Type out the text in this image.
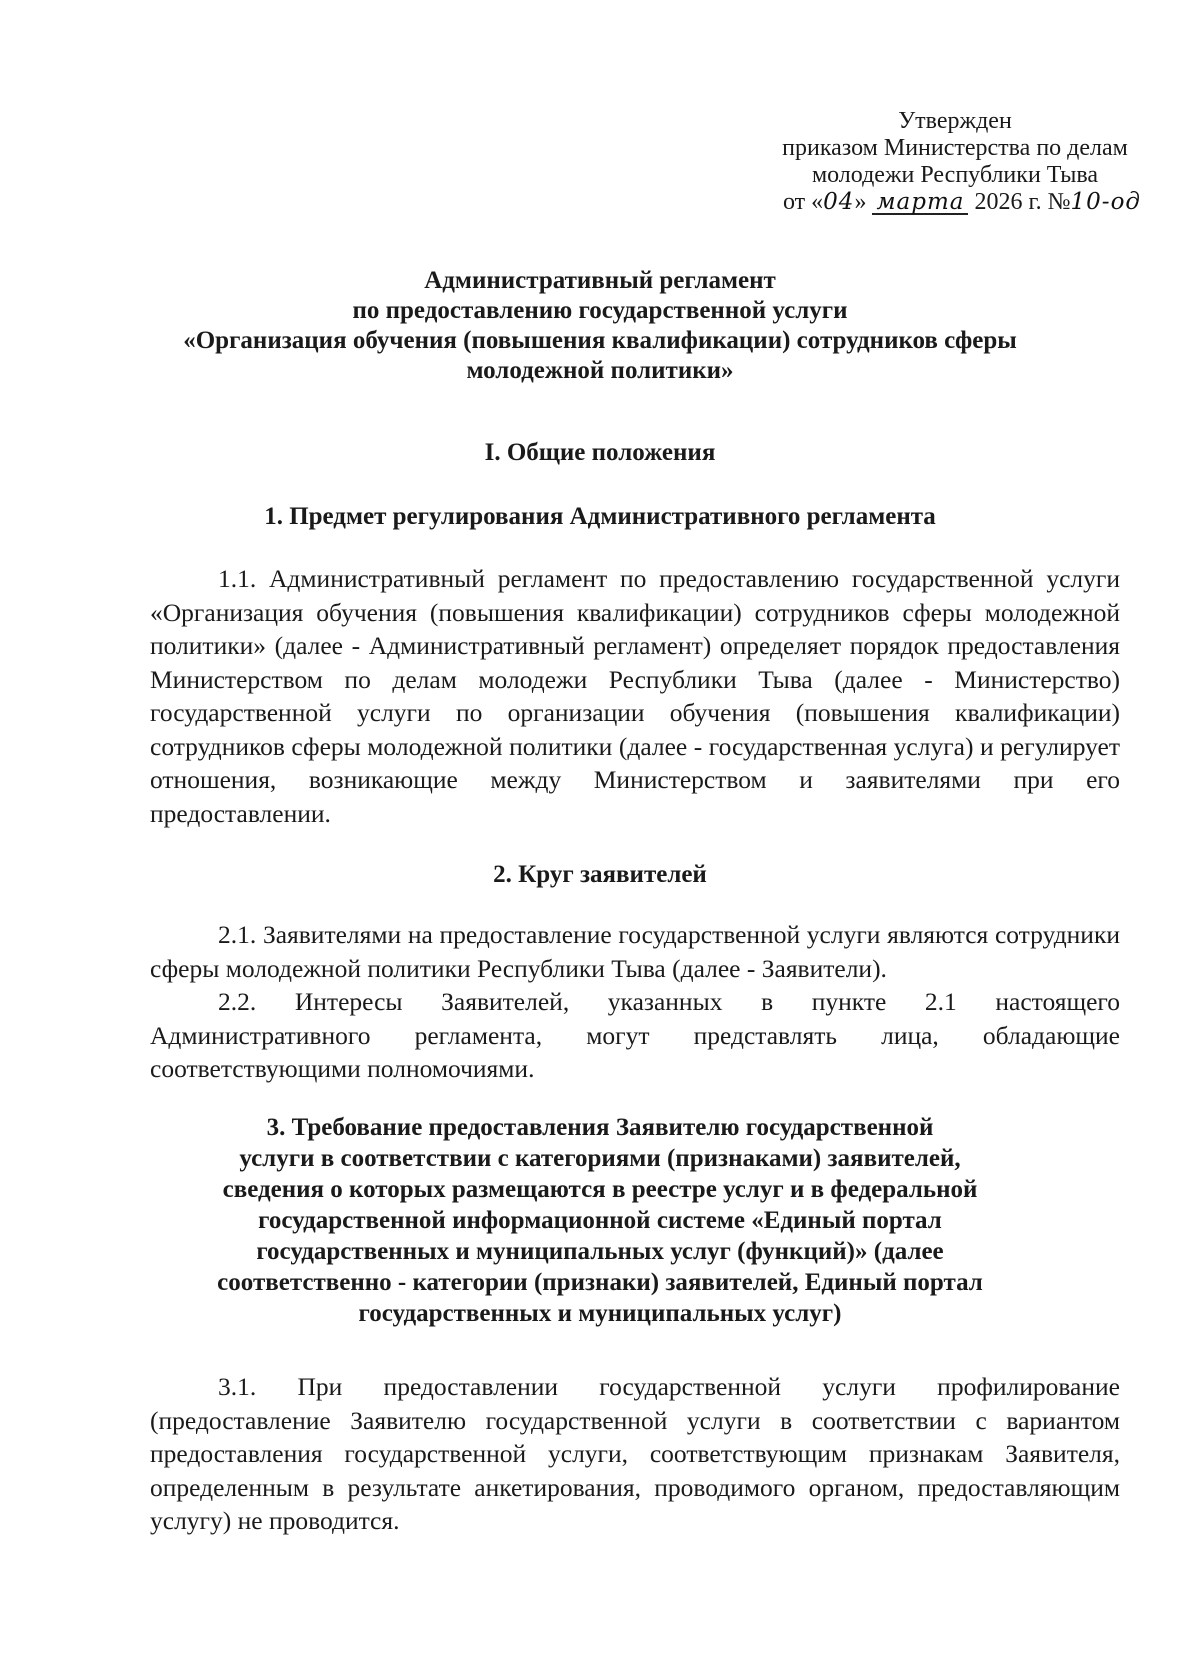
Утвержден
приказом Министерства по делам
молодежи Республики Тыва
от «04» марта 2026 г. №10-од
Административный регламент
по предоставлению государственной услуги
«Организация обучения (повышения квалификации) сотрудников сферы
молодежной политики»
I. Общие положения
1. Предмет регулирования Административного регламента
1.1. Административный регламент по предоставлению государственной услуги «Организация обучения (повышения квалификации) сотрудников сферы молодежной политики» (далее - Административный регламент) определяет порядок предоставления Министерством по делам молодежи Республики Тыва (далее - Министерство) государственной услуги по организации обучения (повышения квалификации) сотрудников сферы молодежной политики (далее - государственная услуга) и регулирует отношения, возникающие между Министерством и заявителями при его предоставлении.
2. Круг заявителей
2.1. Заявителями на предоставление государственной услуги являются сотрудники сферы молодежной политики Республики Тыва (далее - Заявители).
2.2. Интересы Заявителей, указанных в пункте 2.1 настоящего Административного регламента, могут представлять лица, обладающие соответствующими полномочиями.
3. Требование предоставления Заявителю государственной
услуги в соответствии с категориями (признаками) заявителей,
сведения о которых размещаются в реестре услуг и в федеральной
государственной информационной системе «Единый портал
государственных и муниципальных услуг (функций)» (далее
соответственно - категории (признаки) заявителей, Единый портал
государственных и муниципальных услуг)
3.1. При предоставлении государственной услуги профилирование (предоставление Заявителю государственной услуги в соответствии с вариантом предоставления государственной услуги, соответствующим признакам Заявителя, определенным в результате анкетирования, проводимого органом, предоставляющим услугу) не проводится.
